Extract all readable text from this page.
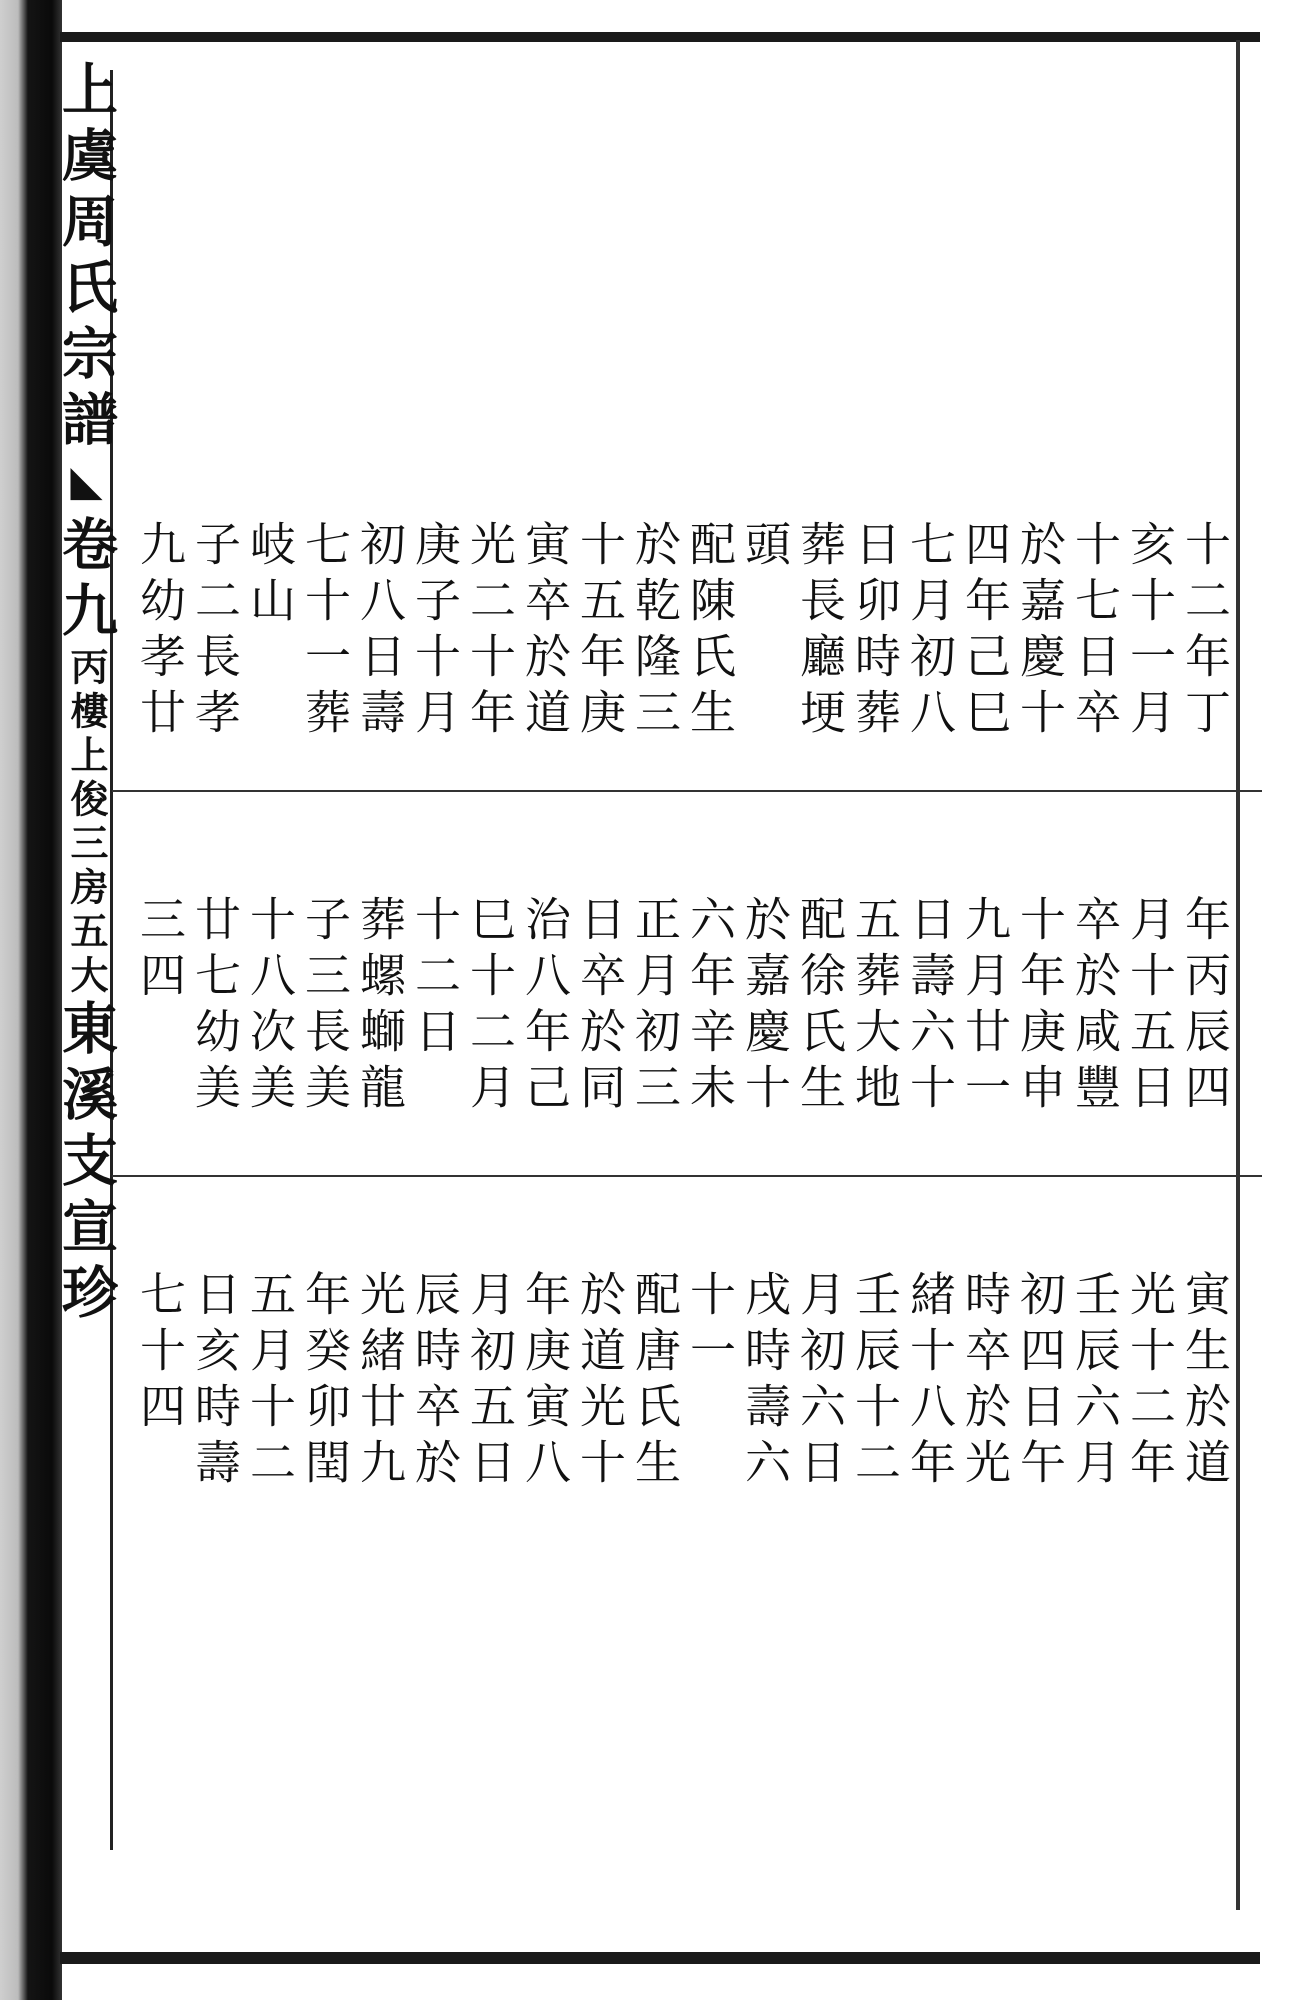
上虞周氏宗譜◣卷九丙樓上俊三房五大東溪支宣珍
十二年丁
亥十一月
十七日卒
於嘉慶十
四年己巳
七月初八
日卯時葬
葬長廳埂
頭
配陳氏生
於乾隆三
十五年庚
寅卒於道
光二十年
庚子十月
初八日壽
七十一葬
岐山
子二長孝
九幼孝廿
年丙辰四
月十五日
卒於咸豐
十年庚申
九月廿一
日壽六十
五葬大地
配徐氏生
於嘉慶十
六年辛未
正月初三
日卒於同
治八年己
巳十二月
十二日
葬螺螄龍
子三長美
十八次美
廿七幼美
三四
寅生於道
光十二年
壬辰六月
初四日午
時卒於光
緒十八年
壬辰十二
月初六日
戌時壽六
十一
配唐氏生
於道光十
年庚寅八
月初五日
辰時卒於
光緒廿九
年癸卯閏
五月十二
日亥時壽
七十四
